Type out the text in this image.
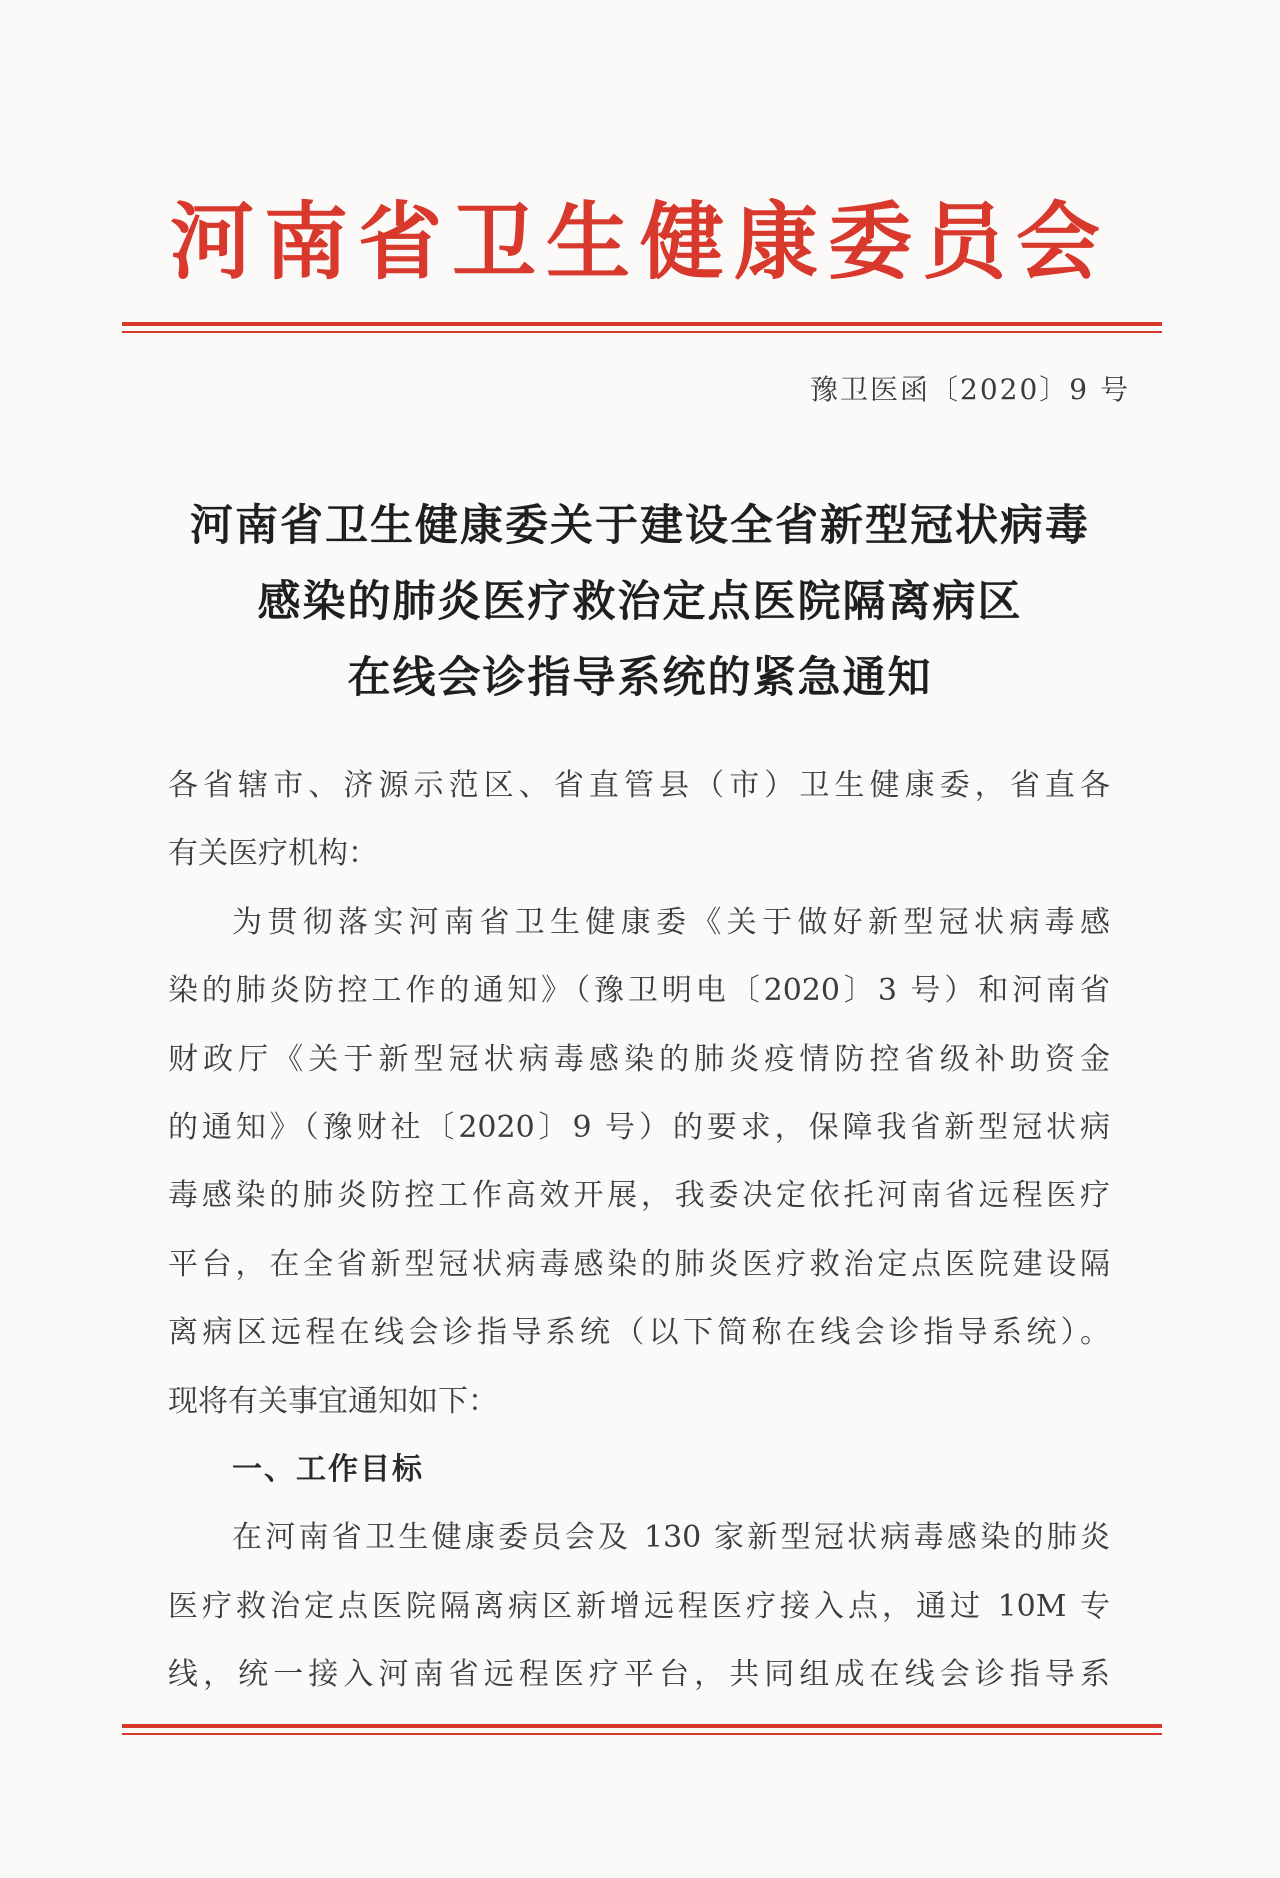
河南省卫生健康委员会
豫卫医函〔2020〕9 号
河南省卫生健康委关于建设全省新型冠状病毒
感染的肺炎医疗救治定点医院隔离病区
在线会诊指导系统的紧急通知
各省辖市、济源示范区、省直管县（市）卫生健康委，省直各
有关医疗机构：
为贯彻落实河南省卫生健康委《关于做好新型冠状病毒感
染的肺炎防控工作的通知》（豫卫明电〔2020〕3 号）和河南省
财政厅《关于新型冠状病毒感染的肺炎疫情防控省级补助资金
的通知》（豫财社〔2020〕9 号）的要求，保障我省新型冠状病
毒感染的肺炎防控工作高效开展，我委决定依托河南省远程医疗
平台，在全省新型冠状病毒感染的肺炎医疗救治定点医院建设隔
离病区远程在线会诊指导系统（以下简称在线会诊指导系统）。
现将有关事宜通知如下：
一、工作目标
在河南省卫生健康委员会及 130 家新型冠状病毒感染的肺炎
医疗救治定点医院隔离病区新增远程医疗接入点，通过 10M 专
线，统一接入河南省远程医疗平台，共同组成在线会诊指导系
